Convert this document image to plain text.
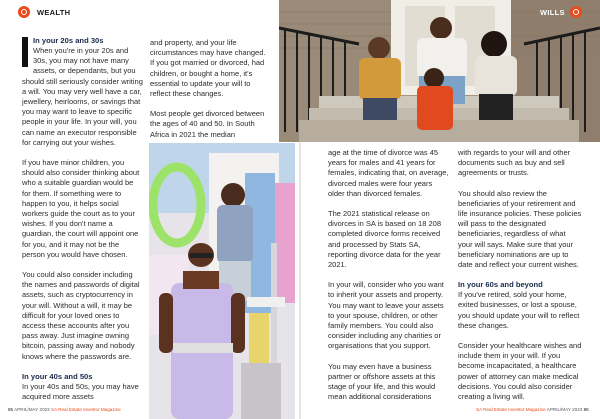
WEALTH	WILLS
In your 20s and 30s

When you're in your 20s and 30s, you may not have many assets, or dependants, but you should still seriously consider writing a will. You may very well have a car, jewellery, heirlooms, or savings that you may want to leave to specific people in your life. In your will, you can name an executor responsible for carrying out your wishes.

If you have minor children, you should also consider thinking about who a suitable guardian would be for them. If something were to happen to you, it helps social workers guide the court as to your wishes. If you don't name a guardian, the court will appoint one for you, and it may not be the person you would have chosen.

You could also consider including the names and passwords of digital assets, such as cryptocurrency in your will. Without a will, it may be difficult for your loved ones to access these accounts after you pass away. Just imagine owning bitcoin, passing away and nobody knows where the passwords are.

In your 40s and 50s

In your 40s and 50s, you may have acquired more assets

and property, and your life circumstances may have changed. If you got married or divorced, had children, or bought a home, it's essential to update your will to reflect these changes.

Most people get divorced between the ages of 40 and 50. In South Africa in 2021 the median

age at the time of divorce was 45 years for males and 41 years for females, indicating that, on average, divorced males were four years older than divorced females.

The 2021 statistical release on divorces in SA is based on 18 208 completed divorce forms received and processed by Stats SA, reporting divorce data for the year 2021.

In your will, consider who you want to inherit your assets and property. You may want to leave your assets to your spouse, children, or other family members. You could also consider including any charities or organisations that you support.

You may even have a business partner or offshore assets at this stage of your life, and this would mean additional considerations

with regards to your will and other documents such as buy and sell agreements or trusts.

You should also review the beneficiaries of your retirement and life insurance policies. These policies will pass to the designated beneficiaries, regardless of what your will says. Make sure that your beneficiary nominations are up to date and reflect your current wishes.

In your 60s and beyond

If you've retired, sold your home, exited businesses, or lost a spouse, you should update your will to reflect these changes.

Consider your healthcare wishes and include them in your will. If you become incapacitated, a healthcare power of attorney can make medical decisions. You could also consider creating a living will.

85 APRIL/MAY 2023 SA Real Estate Investor Magazine	SA Real Estate Investor Magazine APRIL/MAY 2023 86
